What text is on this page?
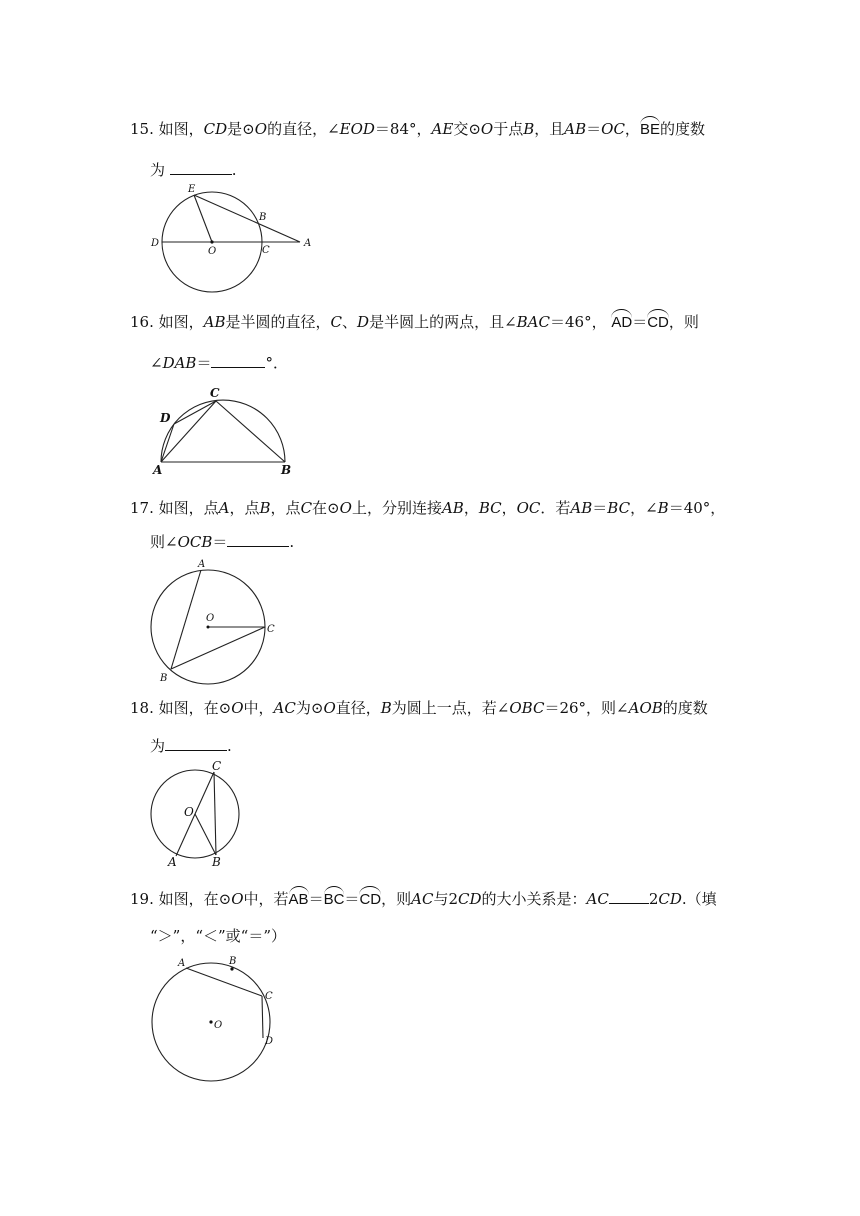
15. 如图，CD是⊙O的直径，∠EOD＝84°，AE交⊙O于点B，且AB＝OC，BE的度数
为	.
D
O	C
A
E
B
16. 如图，AB是半圆的直径，C、D是半圆上的两点，且∠BAC＝46°， AD＝CD，则
∠DAB＝	°．
A	B
C
D
17. 如图，点A，点B，点C在⊙O上，分别连接AB，BC，OC．若AB＝BC，∠B＝40°，
则∠OCB＝	.
A
B
C
O
18. 如图，在⊙O中，AC为⊙O直径，B为圆上一点，若∠OBC＝26°，则∠AOB的度数
为	.
C
O
A	B
19. 如图，在⊙O中，若AB＝BC＝CD，则AC与2CD的大小关系是：AC	2CD.（填
“＞”，“＜”或“＝”）
A	B
C
D
O
